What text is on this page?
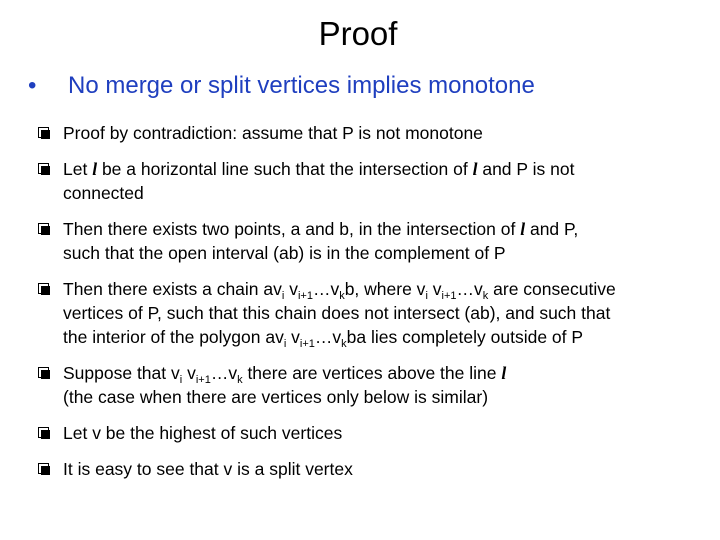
Proof
• No merge or split vertices implies monotone
Proof by contradiction: assume that P is not monotone
Let l be a horizontal line such that the intersection of l and P is not
connected
Then there exists two points, a and b, in the intersection of l and P,
such that the open interval (ab) is in the complement of P
Then there exists a chain $av_i$ $v_{i+1}\dots v_kb$, where $v_i$ $v_{i+1}\dots v_k$ are consecutive
vertices of P, such that this chain does not intersect (ab), and such that
the interior of the polygon $av_i$ $v_{i+1}\dots v_kba$ lies completely outside of P
Suppose that $v_i$ $v_{i+1}\dots v_k$ there are vertices above the line l
(the case when there are vertices only below is similar)
Let v be the highest of such vertices
It is easy to see that v is a split vertex
